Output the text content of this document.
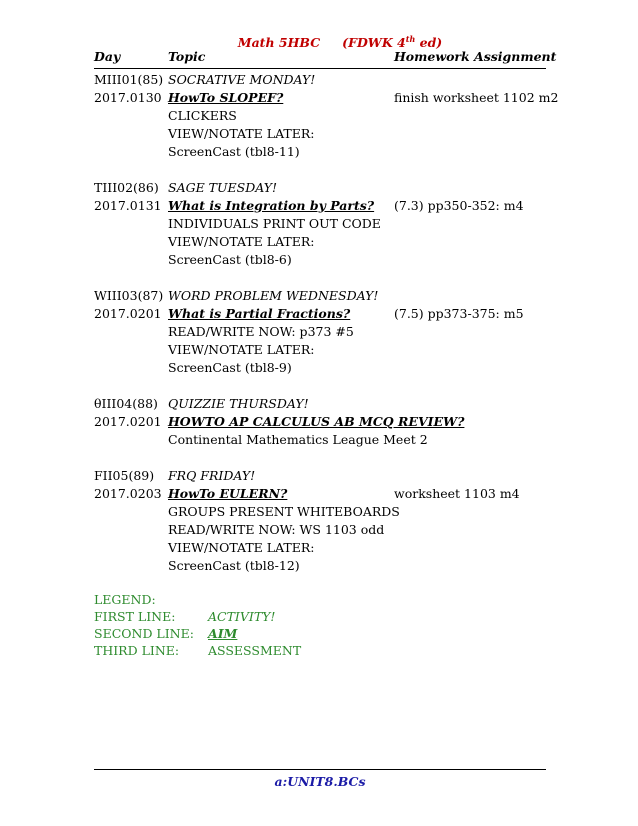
Math 5HBC (FDWK 4th ed)
Day	Topic	Homework Assignment
MIII01(85) SOCRATIVE MONDAY!
2017.0130 HowTo SLOPEF?	finish worksheet 1102 m2
CLICKERS
VIEW/NOTATE LATER:
ScreenCast (tbl8-11)
TIII02(86) SAGE TUESDAY!
2017.0131 What is Integration by Parts?	(7.3) pp350-352: m4
INDIVIDUALS PRINT OUT CODE
VIEW/NOTATE LATER:
ScreenCast (tbl8-6)
WIII03(87) WORD PROBLEM WEDNESDAY!
2017.0201 What is Partial Fractions?	(7.5) pp373-375: m5
READ/WRITE NOW: p373 #5
VIEW/NOTATE LATER:
ScreenCast (tbl8-9)
θIII04(88) QUIZZIE THURSDAY!
2017.0201 HOWTO AP CALCULUS AB MCQ REVIEW?
Continental Mathematics League Meet 2
FII05(89)	FRQ FRIDAY!
2017.0203 HowTo EULERN?	worksheet 1103 m4
GROUPS PRESENT WHITEBOARDS
READ/WRITE NOW: WS 1103 odd
VIEW/NOTATE LATER:
ScreenCast (tbl8-12)
LEGEND:
FIRST LINE:	ACTIVITY!
SECOND LINE:	AIM
THIRD LINE:	ASSESSMENT
a:UNIT8.BCs
